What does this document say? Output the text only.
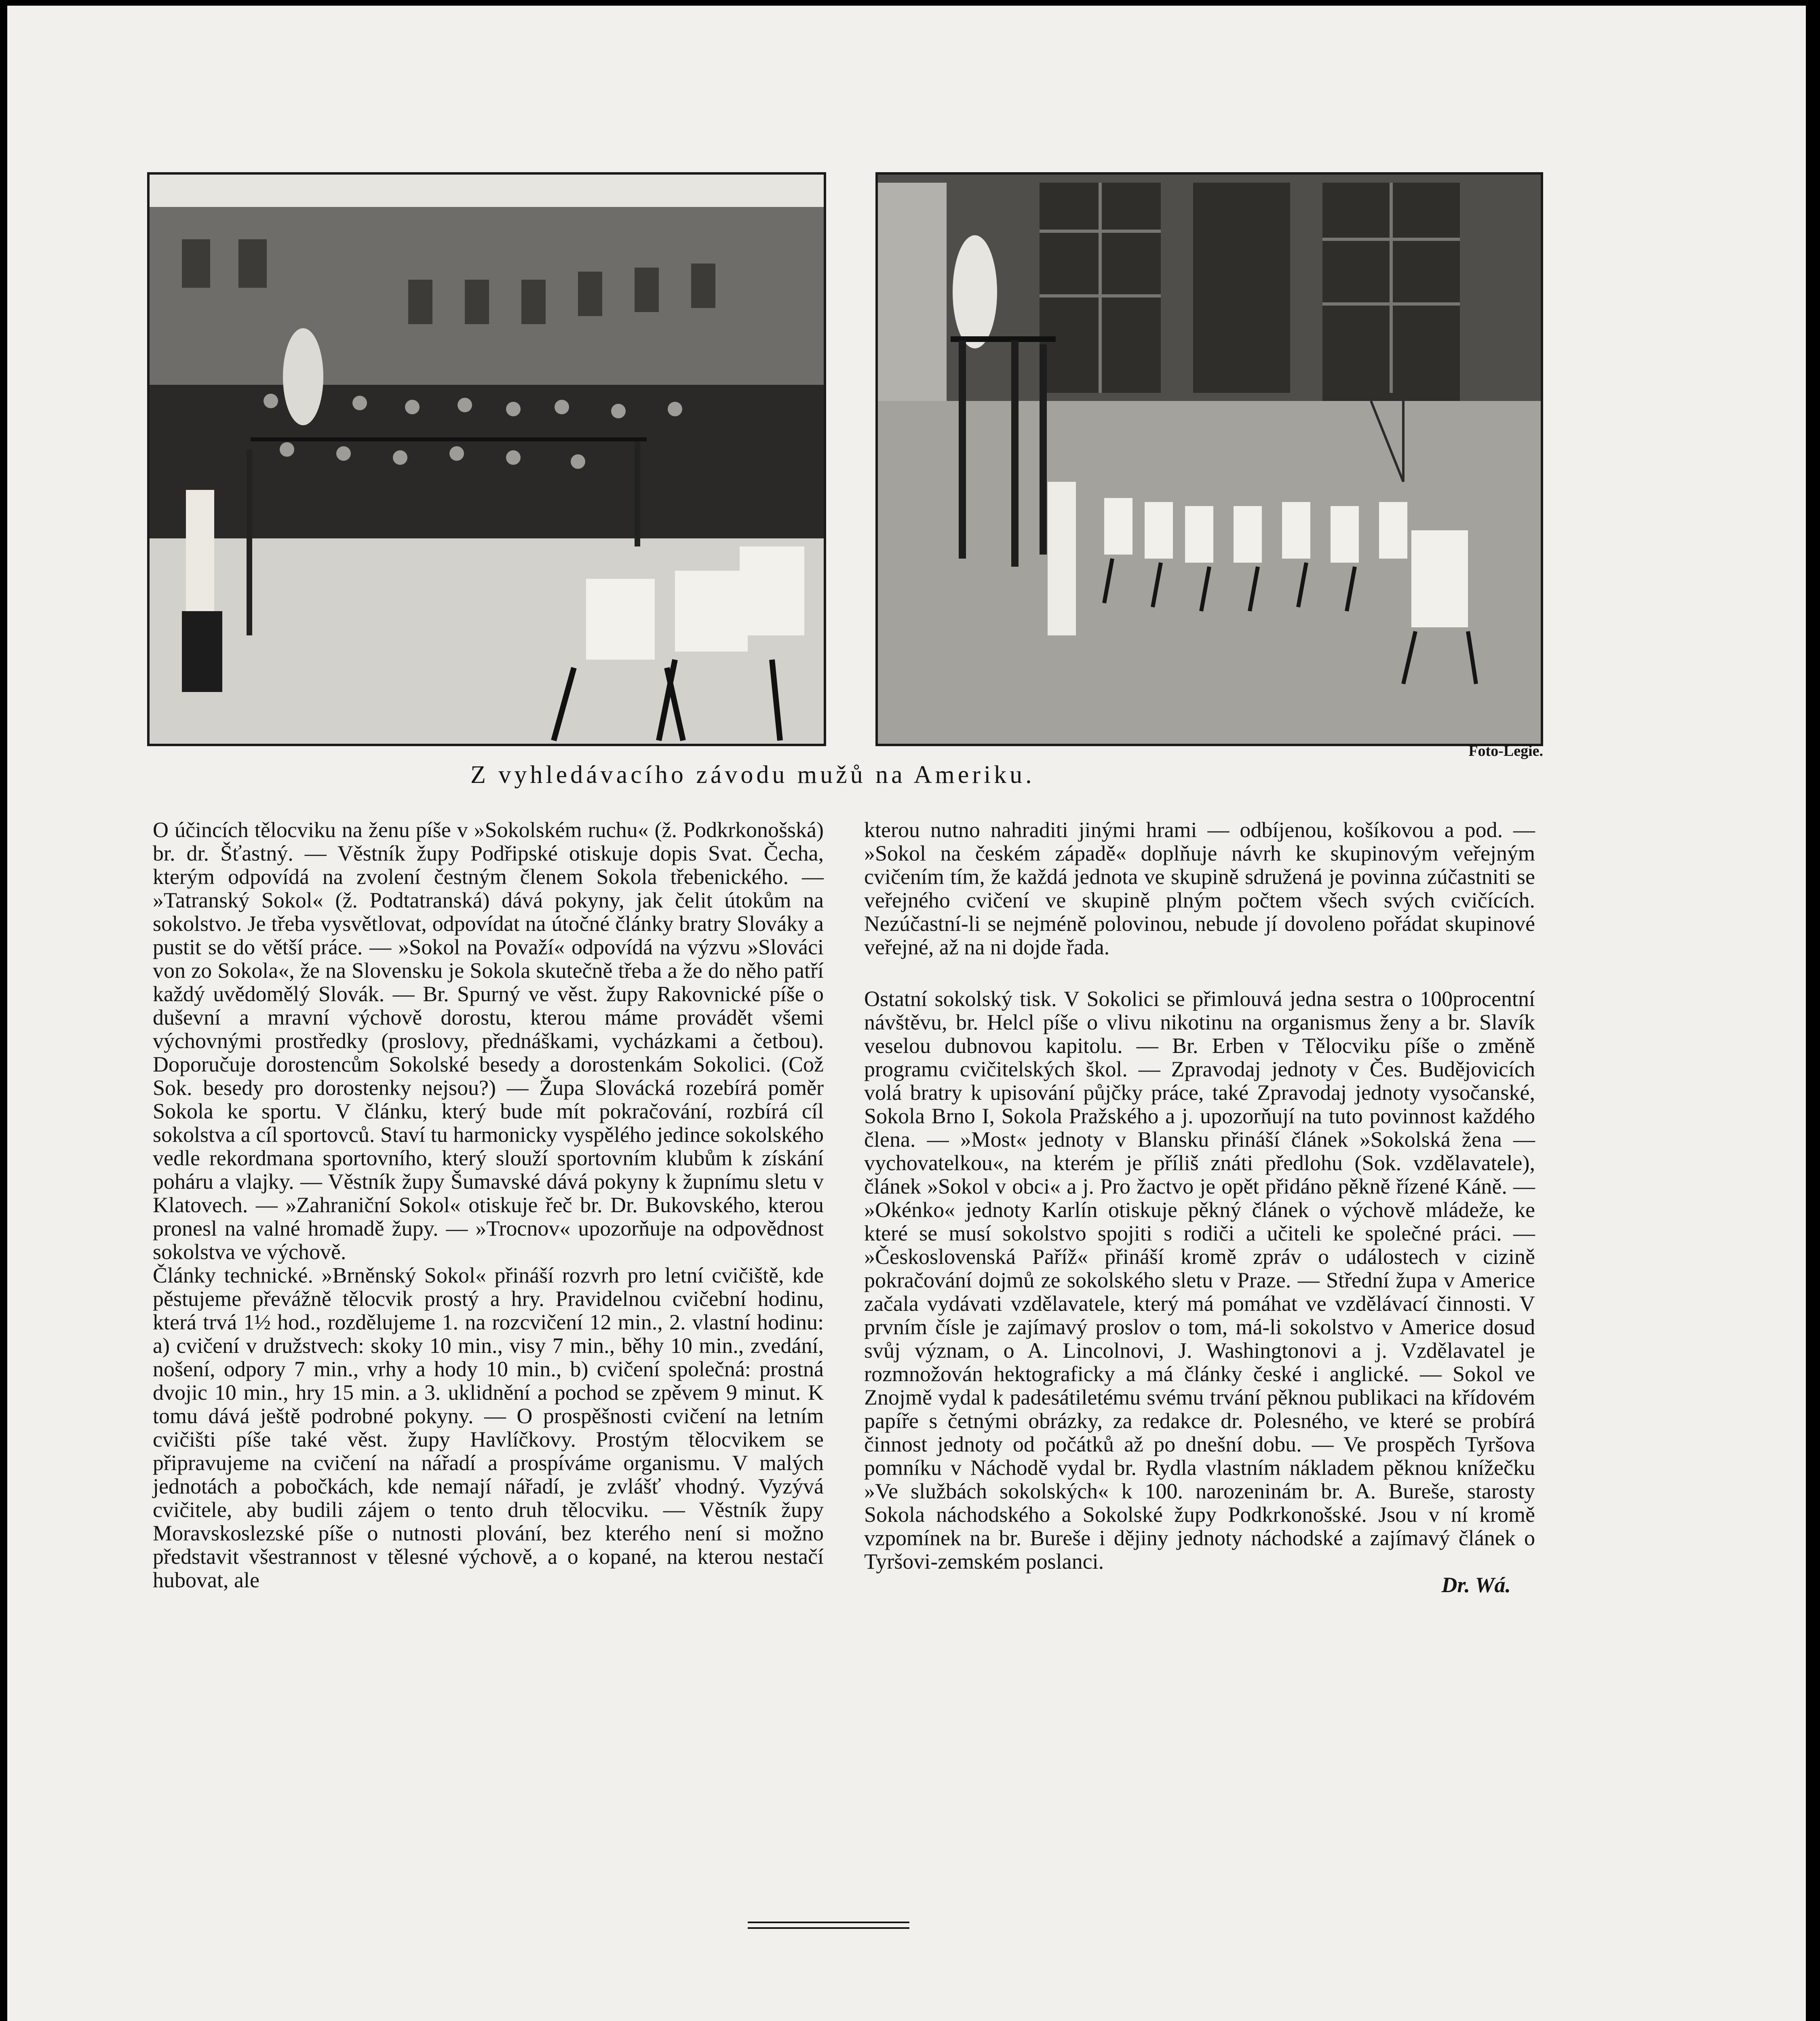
Foto-Legie.
Z vyhledávacího závodu mužů na Ameriku.

O účincích tělocviku na ženu píše v »Sokolském ruchu« (ž. Podkrkonošská) br. dr. Šťastný. — Věstník župy Podřipské otiskuje dopis Svat. Čecha, kterým odpovídá na zvolení čestným členem Sokola třebenického. — »Tatranský Sokol« (ž. Podtatranská) dává pokyny, jak čelit útokům na sokolstvo. Je třeba vysvětlovat, odpovídat na útočné články bratry Slováky a pustit se do větší práce. — »Sokol na Považí« odpovídá na výzvu »Slováci von zo Sokola«, že na Slovensku je Sokola skutečně třeba a že do něho patří každý uvědomělý Slovák. — Br. Spurný ve věst. župy Rakovnické píše o duševní a mravní výchově dorostu, kterou máme provádět všemi výchovnými prostředky (proslovy, přednáškami, vycházkami a četbou). Doporučuje dorostencům Sokolské besedy a dorostenkám Sokolici. (Což Sok. besedy pro dorostenky nejsou?) — Župa Slovácká rozebírá poměr Sokola ke sportu. V článku, který bude mít pokračování, rozbírá cíl sokolstva a cíl sportovců. Staví tu harmonicky vyspělého jedince sokolského vedle rekordmana sportovního, který slouží sportovním klubům k získání poháru a vlajky. — Věstník župy Šumavské dává pokyny k župnímu sletu v Klatovech. — »Zahraniční Sokol« otiskuje řeč br. Dr. Bukovského, kterou pronesl na valné hromadě župy. — »Trocnov« upozorňuje na odpovědnost sokolstva ve výchově.

Články technické. »Brněnský Sokol« přináší rozvrh pro letní cvičiště, kde pěstujeme převážně tělocvik prostý a hry. Pravidelnou cvičební hodinu, která trvá 1½ hod., rozdělujeme 1. na rozcvičení 12 min., 2. vlastní hodinu: a) cvičení v družstvech: skoky 10 min., visy 7 min., běhy 10 min., zvedání, nošení, odpory 7 min., vrhy a hody 10 min., b) cvičení společná: prostná dvojic 10 min., hry 15 min. a 3. uklidnění a pochod se zpěvem 9 minut. K tomu dává ještě podrobné pokyny. — O prospěšnosti cvičení na letním cvičišti píše také věst. župy Havlíčkovy. Prostým tělocvikem se připravujeme na cvičení na nářadí a prospíváme organismu. V malých jednotách a pobočkách, kde nemají nářadí, je zvlášť vhodný. Vyzývá cvičitele, aby budili zájem o tento druh tělocviku. — Věstník župy Moravskoslezské píše o nutnosti plování, bez kterého není si možno představit všestrannost v tělesné výchově, a o kopané, na kterou nestačí hubovat, ale

kterou nutno nahraditi jinými hrami — odbíjenou, košíkovou a pod. — »Sokol na českém západě« doplňuje návrh ke skupinovým veřejným cvičením tím, že každá jednota ve skupině sdružená je povinna zúčastniti se veřejného cvičení ve skupině plným počtem všech svých cvičících. Nezúčastní-li se nejméně polovinou, nebude jí dovoleno pořádat skupinové veřejné, až na ni dojde řada.

Ostatní sokolský tisk. V Sokolici se přimlouvá jedna sestra o 100procentní návštěvu, br. Helcl píše o vlivu nikotinu na organismus ženy a br. Slavík veselou dubnovou kapitolu. — Br. Erben v Tělocviku píše o změně programu cvičitelských škol. — Zpravodaj jednoty v Čes. Budějovicích volá bratry k upisování půjčky práce, také Zpravodaj jednoty vysočanské, Sokola Brno I, Sokola Pražského a j. upozorňují na tuto povinnost každého člena. — »Most« jednoty v Blansku přináší článek »Sokolská žena — vychovatelkou«, na kterém je příliš znáti předlohu (Sok. vzdělavatele), článek »Sokol v obci« a j. Pro žactvo je opět přidáno pěkně řízené Káně. — »Okénko« jednoty Karlín otiskuje pěkný článek o výchově mládeže, ke které se musí sokolstvo spojiti s rodiči a učiteli ke společné práci. — »Československá Paříž« přináší kromě zpráv o událostech v cizině pokračování dojmů ze sokolského sletu v Praze. — Střední župa v Americe začala vydávati vzdělavatele, který má pomáhat ve vzdělávací činnosti. V prvním čísle je zajímavý proslov o tom, má-li sokolstvo v Americe dosud svůj význam, o A. Lincolnovi, J. Washingtonovi a j. Vzdělavatel je rozmnožován hektograficky a má články české i anglické. — Sokol ve Znojmě vydal k padesátiletému svému trvání pěknou publikaci na křídovém papíře s četnými obrázky, za redakce dr. Polesného, ve které se probírá činnost jednoty od počátků až po dnešní dobu. — Ve prospěch Tyršova pomníku v Náchodě vydal br. Rydla vlastním nákladem pěknou knížečku »Ve službách sokolských« k 100. narozeninám br. A. Bureše, starosty Sokola náchodského a Sokolské župy Podkrkonošské. Jsou v ní kromě vzpomínek na br. Bureše i dějiny jednoty náchodské a zajímavý článek o Tyršovi-zemském poslanci.

Dr. Wá.
